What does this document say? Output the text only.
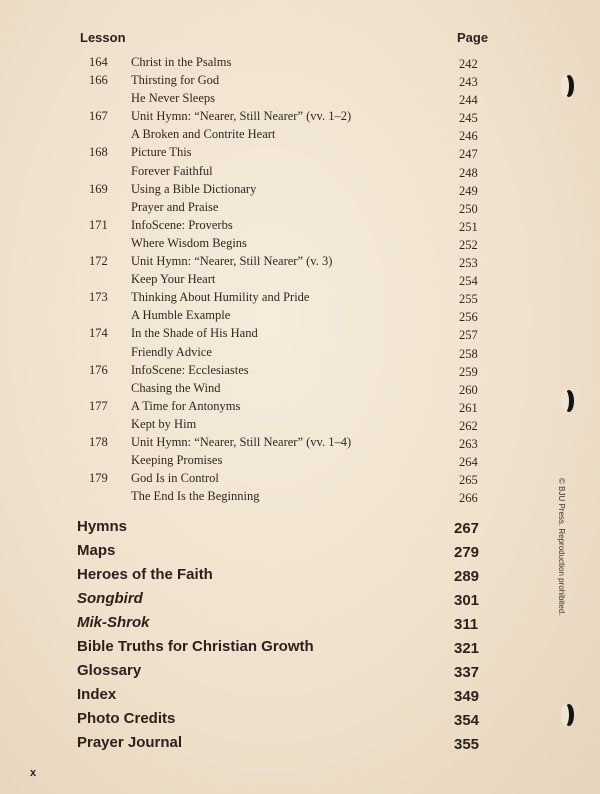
Lesson	Page
164 Christ in the Psalms	242
166 Thirsting for God	243
He Never Sleeps	244
167 Unit Hymn: “Nearer, Still Nearer” (vv. 1–2)	245
A Broken and Contrite Heart	246
168 Picture This	247
Forever Faithful	248
169 Using a Bible Dictionary	249
Prayer and Praise	250
171 InfoScene: Proverbs	251
Where Wisdom Begins	252
172 Unit Hymn: “Nearer, Still Nearer” (v. 3)	253
Keep Your Heart	254
173 Thinking About Humility and Pride	255
A Humble Example	256
174 In the Shade of His Hand	257
Friendly Advice	258
176 InfoScene: Ecclesiastes	259
Chasing the Wind	260
177 A Time for Antonyms	261
Kept by Him	262
178 Unit Hymn: “Nearer, Still Nearer” (vv. 1–4)	263
Keeping Promises	264
179 God Is in Control	265
The End Is the Beginning	266
Hymns	267
Maps	279
Heroes of the Faith	289
Songbird	301
Mik-Shrok	311
Bible Truths for Christian Growth	321
Glossary	337
Index	349
Photo Credits	354
Prayer Journal	355
© BJU Press. Reproduction prohibited.
x
